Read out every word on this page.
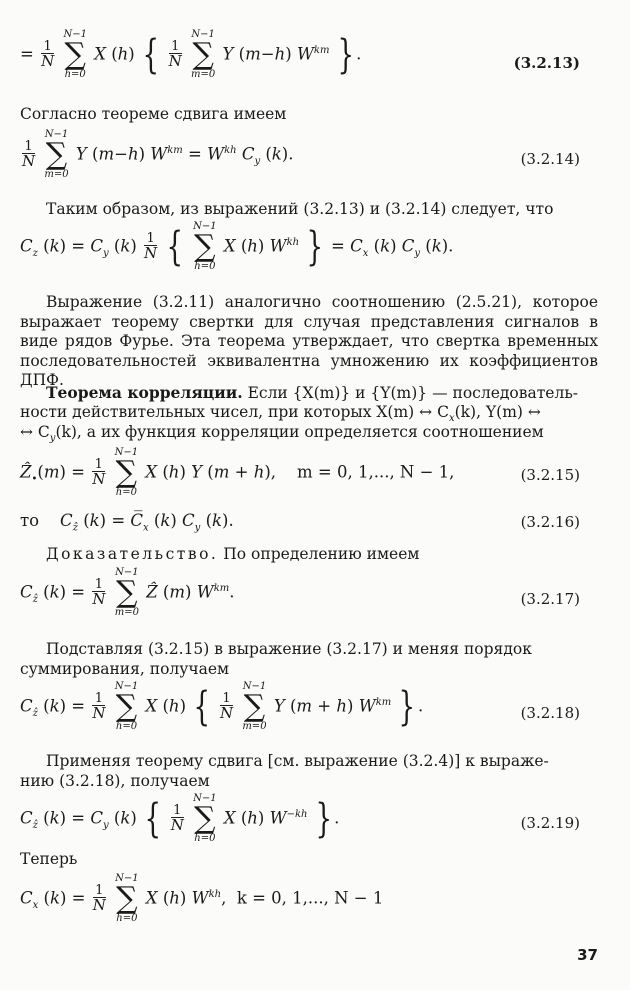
= $\frac{1}{N}$

N−1
∑
h=0
X (h) { $\frac{1}{N}$

N−1
∑
m=0
Y (m−h) $W^{km}$ } .	(3.2.13)
Согласно теореме сдвига имеем
$\frac{1}{N}$

N−1
∑
m=0
Y (m−h) $W^{km} = W^{kh}$ $C_y$ (k).	(3.2.14)
Таким образом, из выражений (3.2.13) и (3.2.14) следует, что
$C_z$ $(k) = C_y$ $(k) \frac{1}{N}$ { N−1
∑
h=0
X (h) $W^{kh}$ } = $C_x$ (k) $C_y$ (k).
Выражение (3.2.11) аналогично соотношению (2.5.21), которое выражает теорему свертки для случая представления сигналов в виде рядов Фурье. Эта теорема утверждает, что свертка временных последовательностей эквивалентна умножению их коэффициентов ДПФ.
Теорема корреляции. Если {X(m)} и {Y(m)} — последователь-
ности действительных чисел, при которых X(m) ↔ $C_x(k)$, Y(m) ↔
↔ $C_y(k)$, а их функция корреляции определяется соотношением
Ẑ$_•$(m) = $\frac{1}{N}$

N−1
∑
h=0
X (h) Y (m + h),    m = 0, 1,..., N − 1,	(3.2.15)
то $C_ẑ$ $(k) = C̅_x$ (k) $C_y$ (k).	(3.2.16)
Доказательство. По определению имеем
$C_ẑ$ $(k) = \frac{1}{N}$

N−1
∑
m=0
Ẑ (m) $W^{km}$.	(3.2.17)
Подставляя (3.2.15) в выражение (3.2.17) и меняя порядок
суммирования, получаем
$C_ẑ$ $(k) = \frac{1}{N}$

N−1
∑
h=0
X (h) { $\frac{1}{N}$

N−1
∑
m=0
Y (m + h) $W^{km}$ } .	(3.2.18)
Применяя теорему сдвига [см. выражение (3.2.4)] к выраже-
нию (3.2.18), получаем
$C_ẑ$ $(k) = C_y$ (k) { $\frac{1}{N}$

N−1
∑
h=0
X (h) $W^{-kh}$ } .	(3.2.19)
Теперь
$C_x$ $(k) = \frac{1}{N}$

N−1
∑
h=0
X (h) $W^{kh}$,  k = 0, 1,..., N − 1
37
